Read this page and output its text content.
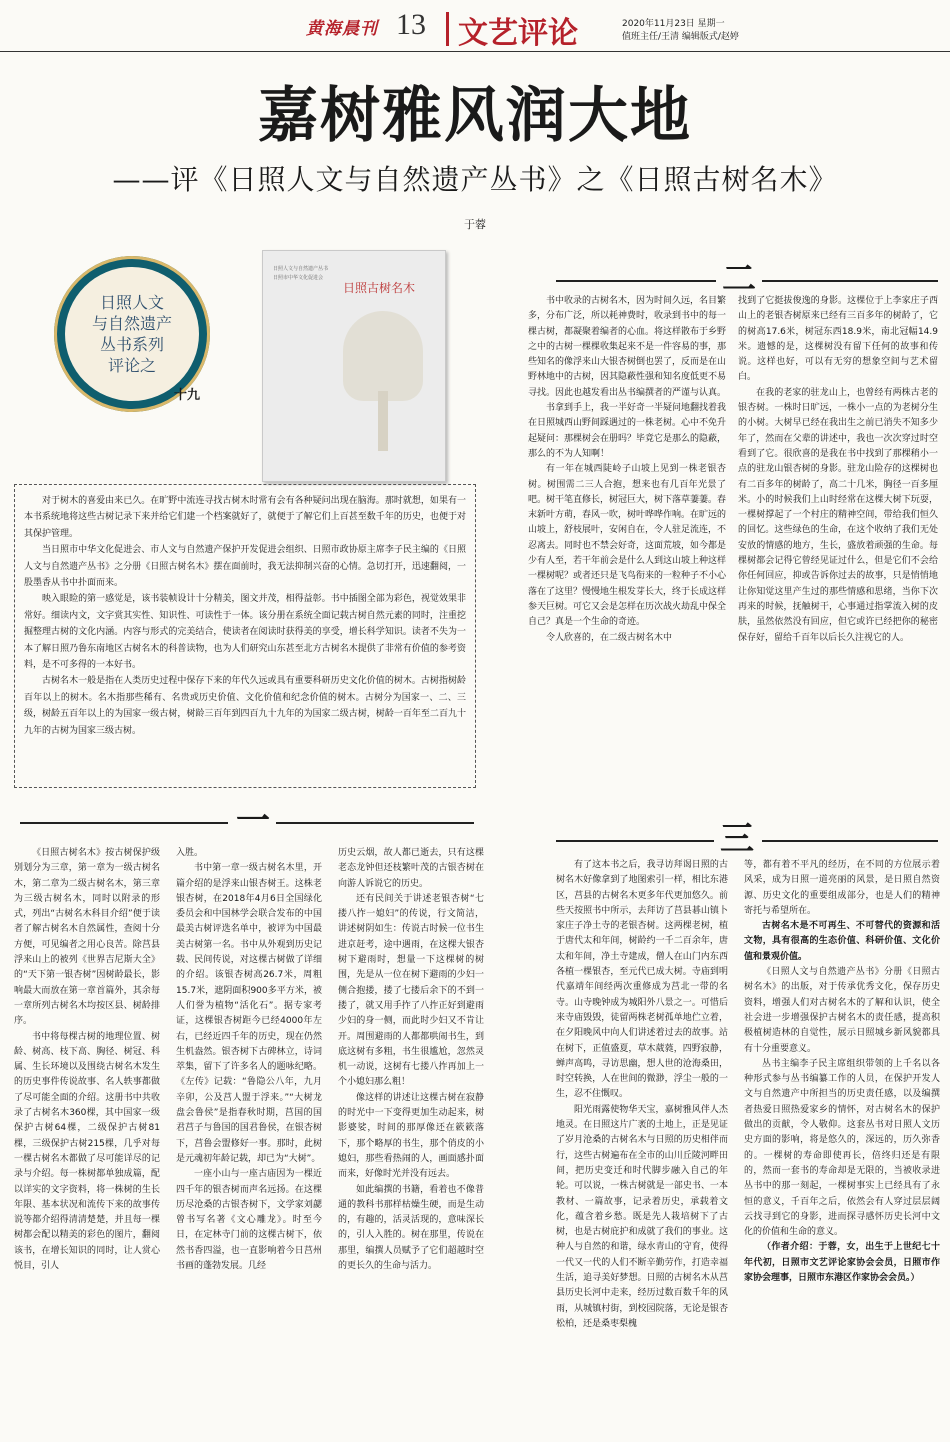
黄海晨刊 13 文艺评论	2020年11月23日 星期一
值班主任/王清 编辑版式/赵婷
嘉树雅风润大地
——评《日照人文与自然遗产丛书》之《日照古树名木》
于蓉
日照人文
与自然遗产
丛书系列
评论之
十九
日照人文与自然遗产丛书
日照市中华文化促进会
日照古树名木

对于树木的喜爱由来已久。在旷野中流连寻找古树木时常有会有各种疑问出现在脑海。那时就想，如果有一本书系统地将这些古树记录下来并给它们建一个档案就好了，就便于了解它们上百甚至数千年的历史，也便于对其保护管理。

当日照市中华文化促进会、市人文与自然遗产保护开发促进会组织、日照市政协原主席李子民主编的《日照人文与自然遗产丛书》之分册《日照古树名木》摆在面前时，我无法抑制兴奋的心情。急切打开，迅速翻阅，一股墨香从书中扑面而来。

映入眼睑的第一感觉是，该书装帧设计十分精美，图文并茂，相得益彰。书中插图全部为彩色，视觉效果非常好。细读内文，文字赏其实性、知识性、可读性于一体。该分册在系统全面记载古树自然元素的同时，注重挖掘整理古树的文化内涵。内容与形式的完美结合，使读者在阅读时获得美的享受，增长科学知识。读者不失为一本了解日照乃鲁东南地区古树名木的科普读物，也为人们研究山东甚至北方古树名木提供了非常有价值的参考资料，是不可多得的一本好书。

古树名木一般是指在人类历史过程中保存下来的年代久远或具有重要科研历史文化价值的树木。古树指树龄百年以上的树木。名木指那些稀有、名贵或历史价值、文化价值和纪念价值的树木。古树分为国家一、二、三级，树龄五百年以上的为国家一级古树，树龄三百年到四百九十九年的为国家二级古树，树龄一百年至二百九十九年的古树为国家三级古树。

二

书中收录的古树名木，因为时间久远，名目繁多，分布广泛，所以耗神费时，收录到书中的每一棵古树，都凝聚着编者的心血。将这样散布于乡野之中的古树一棵棵收集起来不是一件容易的事，那些知名的像浮来山大银杏树倒也罢了，反而是在山野林地中的古树，因其隐蔽性强和知名度低更不易寻找。因此也越发看出丛书编撰者的严谨与认真。

书拿到手上，我一半好奇一半疑问地翻找着我在日照城西山野间踩遇过的一株老树。心中不免升起疑问：那棵树会在册吗？毕竟它是那么的隐蔽，那么的不为人知啊！

有一年在城西陡岭子山坡上见到一株老银杏树。树围需二三人合抱，想来也有几百年光景了吧。树干笔直修长，树冠巨大，树下落草萋萋。春末新叶方萌，春风一吹，树叶哗哗作响。在旷远的山坡上，舒枝展叶，安闲自在，令人驻足流连，不忍离去。同时也不禁会好奇，这面荒坡，如今都是少有人至，若干年前会是什么人到这山坡上种这样一棵树呢？或者还只是飞鸟衔来的一粒种子不小心落在了这里？慢慢地生根发芽长大，终于长成这样参天巨树。可它又会是怎样在历次战火劫乱中保全自己？真是一个生命的奇迹。

令人欣喜的，在二级古树名木中

找到了它挺拔俊逸的身影。这棵位于上李家庄子西山上的老银杏树原来已经有三百多年的树龄了，它的树高17.6米，树冠东西18.9米，南北冠幅14.9米。遗憾的是，这棵树没有留下任何的故事和传说。这样也好，可以有无穷的想象空间与艺术留白。

在我的老家的驻龙山上，也曾经有两株古老的银杏树。一株时日旷远，一株小一点的为老树分生的小树。大树早已经在我出生之前已消失不知多少年了，然而在父辈的讲述中，我也一次次穿过时空看到了它。很欣喜的是我在书中找到了那棵稍小一点的驻龙山银杏树的身影。驻龙山险存的这棵树也有二百多年的树龄了，高二十几米，胸径一百多厘米。小的时候我们上山时经常在这棵大树下玩耍，一棵树撑起了一个村庄的精神空间，带给我们恒久的回忆。这些绿色的生命，在这个收纳了我们无处安放的情感的地方，生长，盛放着顽强的生命。每棵树都会记得它曾经见证过什么，但是它们不会给你任何回应，抑或告诉你过去的故事，只是悄悄地让你知觉这里产生过的那些情感和思绪，当你下次再来的时候，抚触树干，心事通过指掌流入树的皮肤，虽然依然没有回应，但它或许已经把你的秘密保存好，留给千百年以后长久注视它的人。

一

《日照古树名木》按古树保护级别划分为三章，第一章为一级古树名木，第二章为二级古树名木，第三章为三级古树名木，同时以附录的形式，列出“古树名木科目介绍”便于读者了解古树名木自然属性，查阅十分方便，可见编者之用心良苦。除莒县浮来山上的被列《世界吉尼斯大全》的“天下第一银杏树”因树龄最长，影响最大而放在第一章首篇外，其余每一章所列古树名木均按区县、树龄排序。

书中将每棵古树的地理位置、树龄、树高、枝下高、胸径、树冠、科属、生长环境以及围绕古树名木发生的历史事件传说故事、名人轶事都做了尽可能全面的介绍。这册书中共收录了古树名木360棵，其中国家一级保护古树64棵，二级保护古树81棵，三级保护古树215棵，几乎对每一棵古树名木都做了尽可能详尽的记录与介绍。每一株树都单独成篇，配以详实的文字资料，将一株树的生长年限、基本状况和流传下来的故事传说等都介绍得清清楚楚，并且每一棵树都会配以精美的彩色的图片，翻阅该书，在增长知识的同时，让人赏心悦目，引人

入胜。

书中第一章一级古树名木里，开篇介绍的是浮来山银杏树王。这株老银杏树，在2018年4月6日全国绿化委员会和中国林学会联合发布的中国最美古树评选名单中，被评为中国最美古树第一名。书中从外观到历史记载、民间传说，对这棵古树做了详细的介绍。该银杏树高26.7米，周粗15.7米，遮阴面积900多平方米，被人们誉为植物“活化石”。据专家考证，这棵银杏树距今已经4000年左右，已经近四千年的历史，现在仍然生机盎然。银杏树下古碑林立，诗词萃集，留下了许多名人的题咏纪略。《左传》记载：“鲁隐公八年，九月辛卯，公及莒人盟于浮来。”“大树龙盘会鲁侯”是指春秋时期，莒国的国君莒子与鲁国的国君鲁侯，在银杏树下，莒鲁会盟修好一事。那时，此树是元魂初年龄记载，却已为“大树”。

一座小山与一座古庙因为一棵近四千年的银杏树而声名远扬。在这棵历尽沧桑的古银杏树下，文学家刘勰曾书写名著《文心雕龙》。时至今日，在定林寺门前的这棵古树下，依然书香四溢，也一直影响着今日莒州书画的蓬勃发展。几经

历史云烟，故人都已逝去，只有这棵老态龙钟但还枝繁叶茂的古银杏树在向游人诉说它的历史。

还有民间关于讲述老银杏树“七搂八拃一媳妇”的传说，行文简洁，讲述树阴如生：传说古时候一位书生进京赶考，途中遇雨，在这棵大银杏树下避雨时，想量一下这棵树的树围，先是从一位在树下避雨的少妇一侧合抱搂，搂了七搂后余下的不到一搂了，就又用手拃了八拃正好到避雨少妇的身一侧，而此时少妇又不肯让开。周围避雨的人都都哄闹书生，到底这树有多粗，书生很尴尬，忽然灵机一动说，这树有七搂八拃再加上一个小媳妇那么粗！

像这样的讲述让这棵古树在寂静的时光中一下变得更加生动起来，树影婆娑，时间的那厚像还在簌簌落下，那个略厚的书生，那个俏皮的小媳妇，那些看热闹的人，画面感扑面而来，好像时光并没有远去。

如此编撰的书籍，看着也不像普通的教科书那样枯燥生硬，而是生动的，有趣的，活灵活现的，意味深长的，引人入胜的。树在那里，传说在那里，编撰人员赋予了它们超越时空的更长久的生命与活力。

三

有了这本书之后，我寻访拜谒日照的古树名木好像拿到了地图索引一样，相比东港区，莒县的古树名木更多年代更加悠久。前些天按照书中所示，去拜访了莒县碁山镇卜家庄子净土寺的老银杏树。这两棵老树，植于唐代太和年间，树龄约一千二百余年，唐太和年间，净土寺建成，僧人在山门内东西各植一棵银杏，至元代已成大树。寺庙到明代嘉靖年间经两次重修成为莒北一带的名寺。山寺晚钟成为城阳外八景之一。可惜后来寺庙毁毁，徒留两株老树孤单地伫立着，在夕阳晚风中向人们讲述着过去的故事。站在树下，正值盛夏，草木葳蕤，四野寂静，蝉声高鸣，寻访思幽，想人世的沧海桑田，时空转换，人在世间的微渺，浮尘一般的一生，忍不住慨叹。

阳光雨露使物华天宝，嘉树雅风伴人杰地灵。在日照这片广袤的土地上，正是见证了岁月沧桑的古树名木与日照的历史相伴而行，这些古树遍布在全市的山川丘陵河畔田间，把历史变迁和时代脚步融入自己的年轮。可以说，一株古树就是一部史书、一本教材、一篇故事，记录着历史，承载着文化，蕴含着乡愁。既是先人栽培树下了古树，也是古树庇护和成就了我们的事业。这种人与自然的和谐，绿水青山的守育，使得一代又一代的人们不断辛勤劳作，打造幸福生活，追寻美好梦想。日照的古树名木从莒县历史长河中走来，经历过数百数千年的风雨，从城镇村街，到校园院落，无论是银杏松柏，还是桑枣梨槐

等，都有着不平凡的经历，在不同的方位展示着风采，成为日照一道亮丽的风景，是日照自然资源、历史文化的重要组成部分，也是人们的精神寄托与希望所在。

古树名木是不可再生、不可替代的资源和活文物，具有很高的生态价值、科研价值、文化价值和景观价值。

《日照人文与自然遗产丛书》分册《日照古树名木》的出版，对于传承优秀文化，保存历史资料，增强人们对古树名木的了解和认识，使全社会进一步增强保护古树名木的责任感，提高积极植树造林的自觉性，展示日照城乡新风貌都具有十分重要意义。

丛书主编李子民主席组织带领的上千名以各种形式参与丛书编纂工作的人员，在保护开发人文与自然遗产中所担当的历史责任感，以及编撰者热爱日照热爱家乡的情怀，对古树名木的保护做出的贡献，令人敬仰。这套丛书对日照人文历史方面的影响，将是悠久的，深远的，历久弥香的。一棵树的寿命即使再长，倍终归还是有限的，然而一套书的寿命却是无限的，当被收录进丛书中的那一刻起，一棵树事实上已经具有了永恒的意义，千百年之后，依然会有人穿过层层阔云找寻到它的身影，进而探寻感怀历史长河中文化的价值和生命的意义。

（作者介绍：于蓉，女，出生于上世纪七十年代初，日照市文艺评论家协会会员，日照市作家协会理事，日照市东港区作家协会会员。）
